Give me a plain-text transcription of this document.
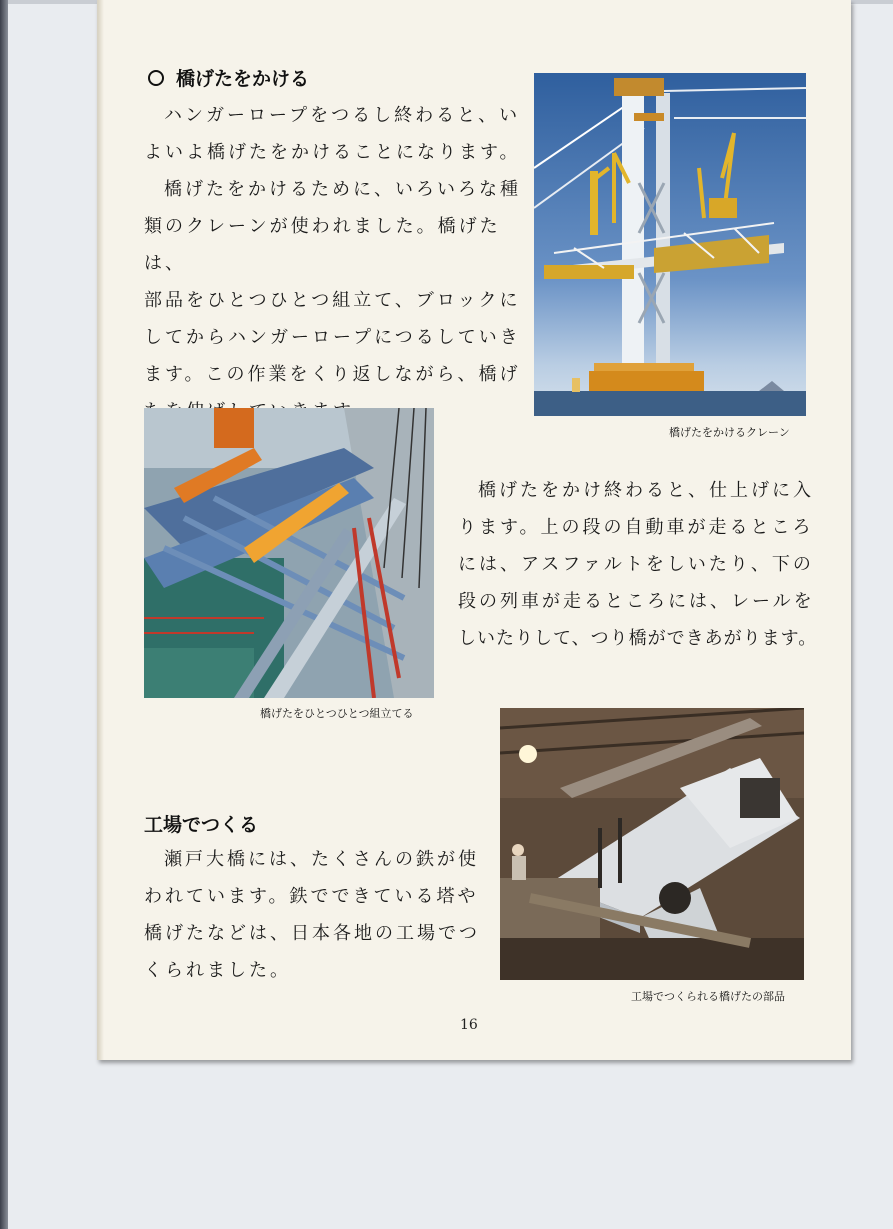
橋げたをかける

ハンガーロープをつるし終わると、い

よいよ橋げたをかけることになります。

橋げたをかけるために、いろいろな種

類のクレーンが使われました。橋げたは、

部品をひとつひとつ組立て、ブロックに

してからハンガーロープにつるしていき

ます。この作業をくり返しながら、橋げ

橋げたをかけるクレーン
橋げたをひとつひとつ組立てる

橋げたをかけ終わると、仕上げに入

ります。上の段の自動車が走るところ

には、アスファルトをしいたり、下の

段の列車が走るところには、レールを

しいたりして、つり橋ができあがります。

工場でつくる

瀬戸大橋には、たくさんの鉄が使

われています。鉄でできている塔や

橋げたなどは、日本各地の工場でつ

くられました。

工場でつくられる橋げたの部品
16
